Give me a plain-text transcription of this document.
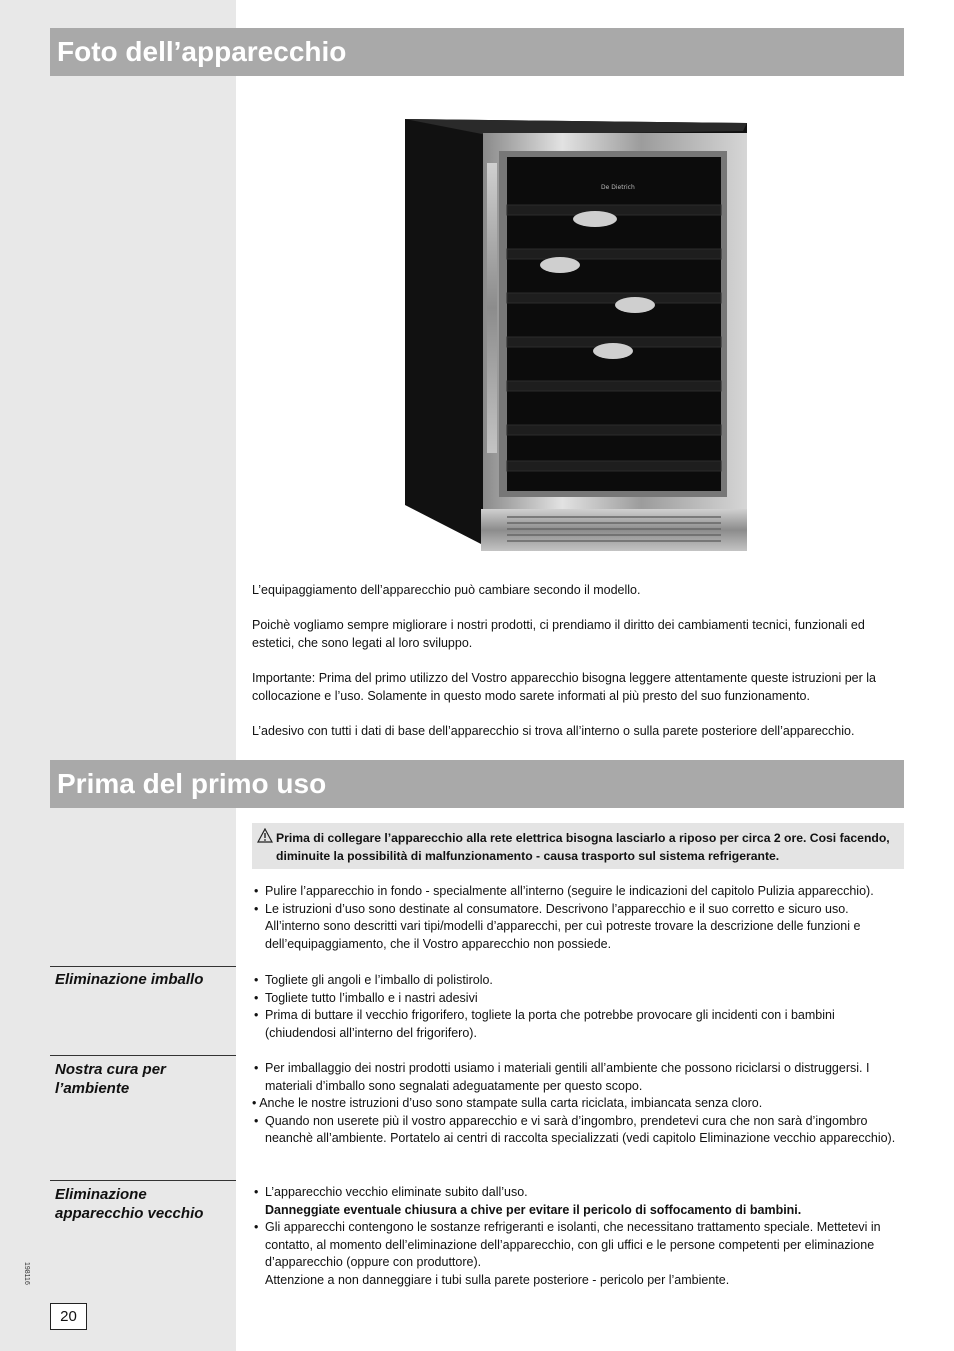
Foto dell’apparecchio
De Dietrich

L’equipaggiamento dell’apparecchio può cambiare secondo il modello.

Poichè vogliamo sempre migliorare i nostri prodotti, ci prendiamo il diritto dei cambiamenti tecnici, funzionali ed estetici, che sono legati al loro sviluppo.

Importante: Prima del primo utilizzo del Vostro apparecchio bisogna leggere attentamente queste istruzioni per la collocazione e l’uso. Solamente in questo modo sarete informati al più presto del suo funzionamento.

L’adesivo con tutti i dati di base dell’apparecchio si trova all’interno o sulla parete posteriore dell’apparecchio.

Prima del primo uso
Prima di collegare l’apparecchio alla rete elettrica bisogna lasciarlo a riposo per circa 2 ore. Cosi facendo, diminuite la possibilità di malfunzionamento - causa trasporto sul sistema refrigerante.
• Pulire l’apparecchio in fondo - specialmente all’interno (seguire le indicazioni del capitolo Pulizia apparecchio).
• Le istruzioni d’uso sono destinate al consumatore. Descrivono l’apparecchio e il suo corretto e sicuro uso. All’interno sono descritti vari tipi/modelli d’apparecchi, per cuì potreste trovare la descrizione delle funzioni e dell’equipaggiamento, che il Vostro apparecchio non possiede.
Eliminazione imballo	• Togliete gli angoli e l’imballo di polistirolo.
• Togliete tutto l’imballo e i nastri adesivi
• Prima di buttare il vecchio frigorifero, togliete la porta che potrebbe provocare gli incidenti con i bambini (chiudendosi all’interno del frigorifero).
Nostra cura per l’ambiente
• Per imballaggio dei nostri prodotti usiamo i materiali gentili all’ambiente che possono riciclarsi o distruggersi. I materiali d’imballo sono segnalati adeguatamente per questo scopo.
• Anche le nostre istruzioni d’uso sono stampate sulla carta riciclata, imbiancata senza cloro.
• Quando non userete più il vostro apparecchio e vi sarà d’ingombro, prendetevi cura che non sarà d’ingombro neanchè all’ambiente. Portatelo ai centri di raccolta specializzati (vedi capitolo Eliminazione vecchio apparecchio).
Eliminazione apparecchio vecchio
• L’apparecchio vecchio eliminate subito dall’uso.
Danneggiate eventuale chiusura a chive per evitare il pericolo di soffocamento di bambini.
• Gli apparecchi contengono le sostanze refrigeranti e isolanti, che necessitano trattamento speciale. Mettetevi in contatto, al momento dell’eliminazione dell’apparecchio, con gli uffici e le persone competenti per eliminazione d’apparecchio (oppure con produttore).
Attenzione a non danneggiare i tubi sulla parete posteriore - pericolo per l’ambiente.
198116
20
